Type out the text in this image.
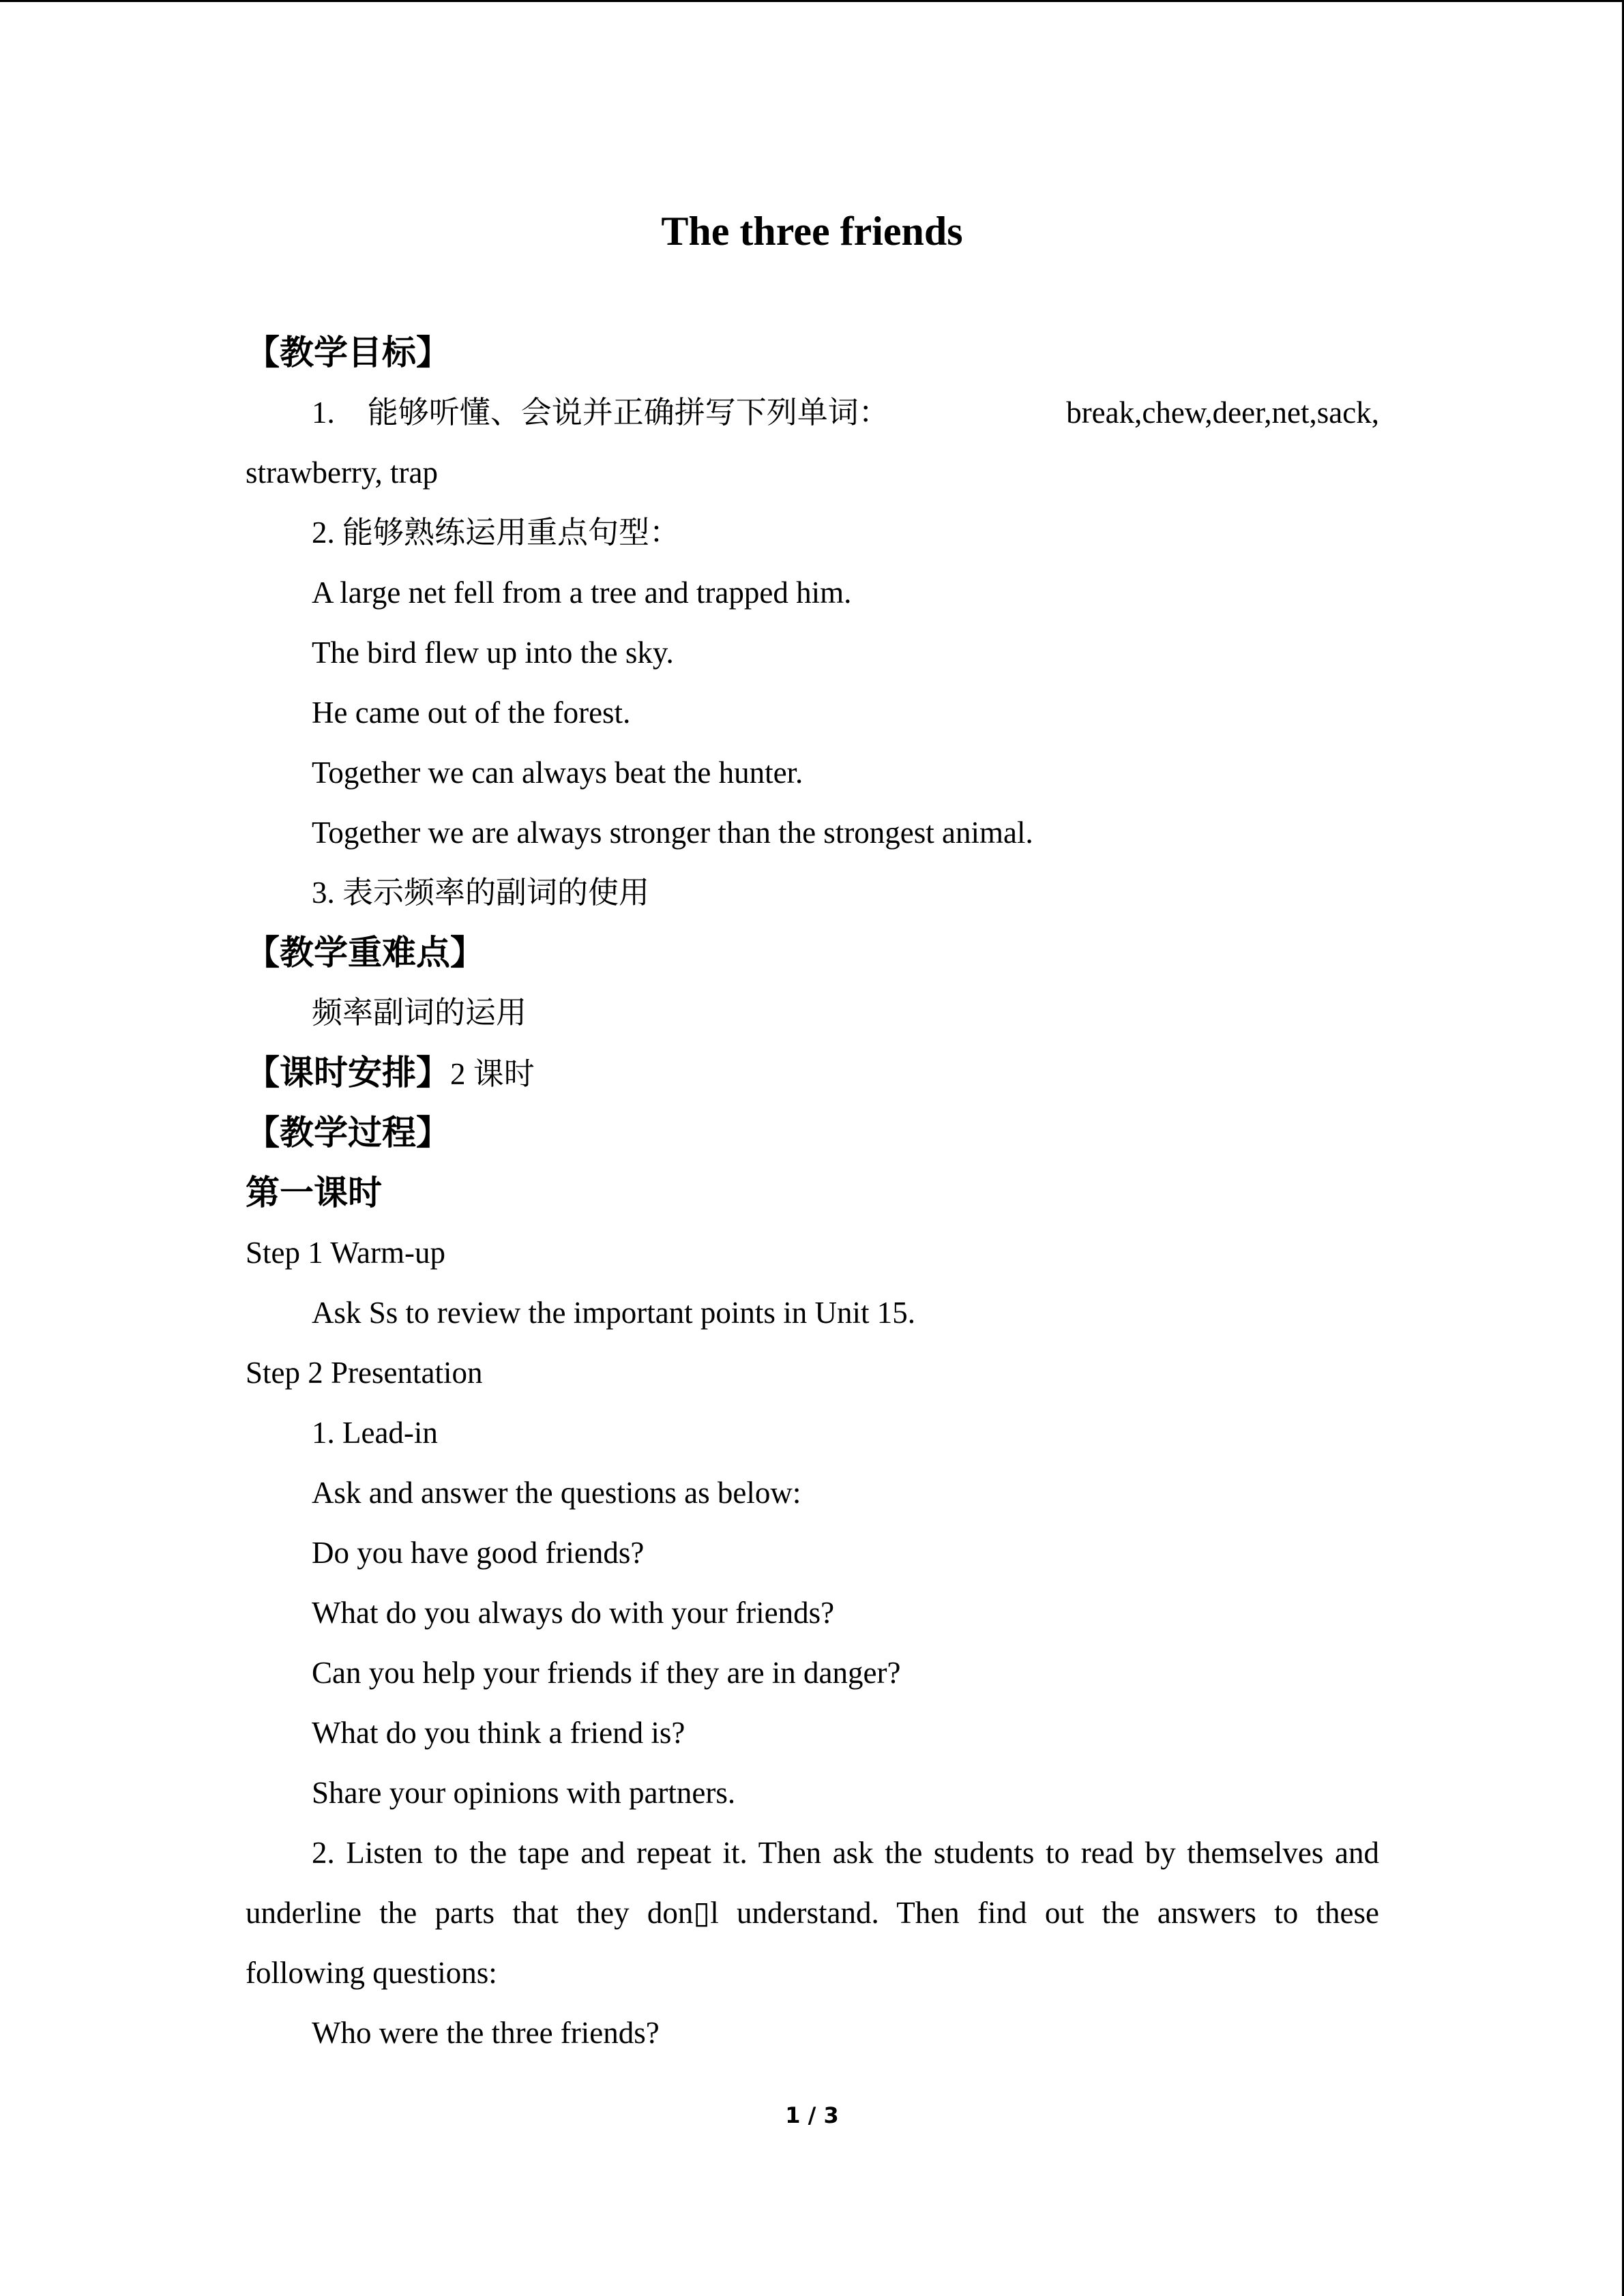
The three friends
【教学目标】
1. 能够听懂、会说并正确拼写下列单词：	break, chew, deer, net, sack,
strawberry, trap
2. 能够熟练运用重点句型：
A large net fell from a tree and trapped him.
The bird flew up into the sky.
He came out of the forest.
Together we can always beat the hunter.
Together we are always stronger than the strongest animal.
3. 表示频率的副词的使用
【教学重难点】
频率副词的运用
【课时安排】2 课时
【教学过程】
第一课时
Step 1 Warm-up
Ask Ss to review the important points in Unit 15.
Step 2 Presentation
1. Lead-in
Ask and answer the questions as below:
Do you have good friends?
What do you always do with your friends?
Can you help your friends if they are in danger?
What do you think a friend is?
Share your opinions with partners.
2. Listen to the tape and repeat it. Then ask the students to read by themselves and
underline the parts that they don▯l understand. Then find out the answers to these
following questions:
Who were the three friends?
1 / 3
